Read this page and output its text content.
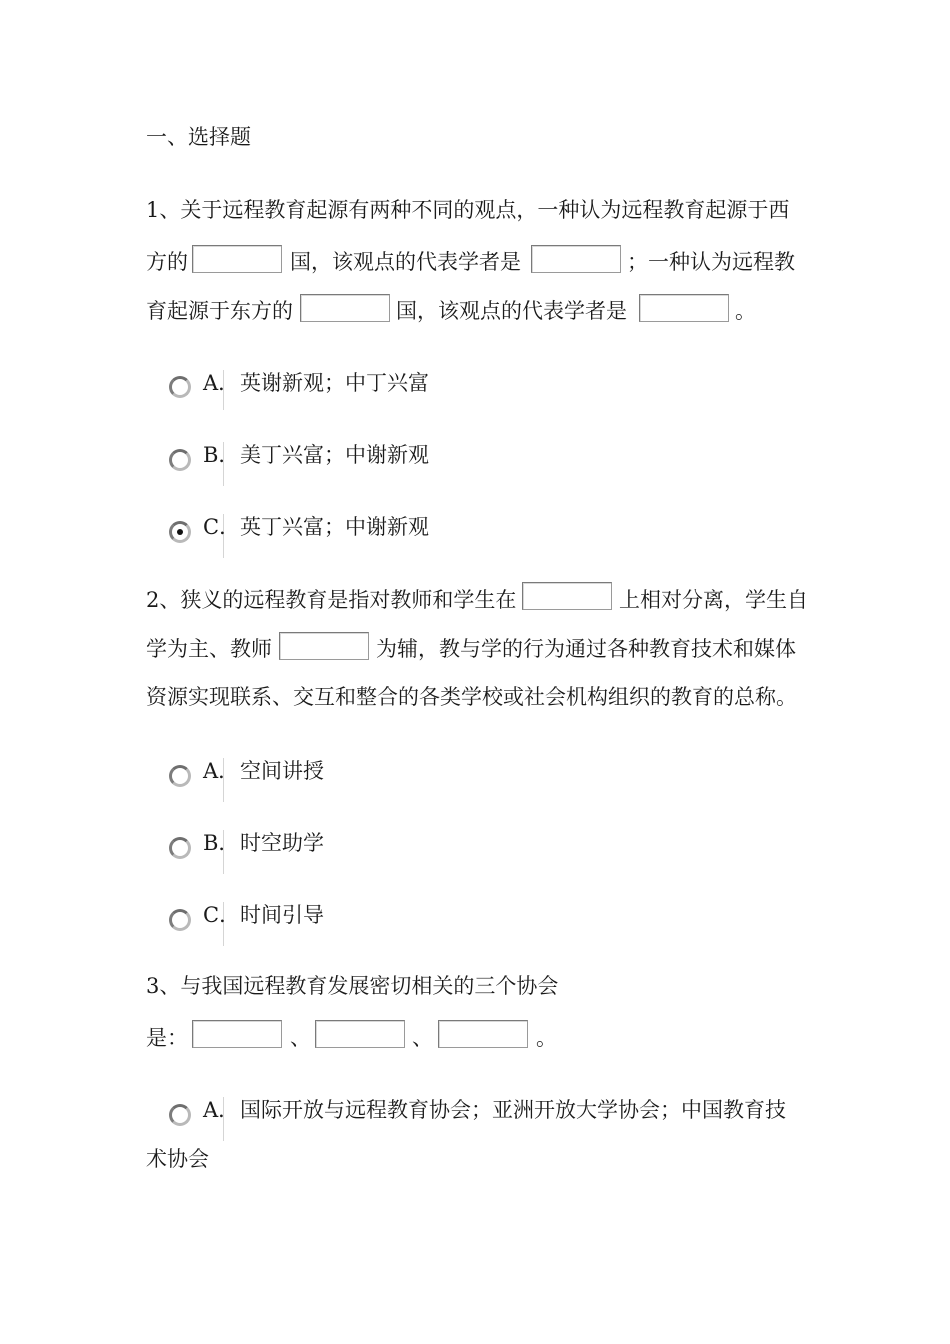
一、选择题
1、关于远程教育起源有两种不同的观点，一种认为远程教育起源于西
方的	国，该观点的代表学者是	；一种认为远程教
育起源于东方的	国，该观点的代表学者是	。
A． 英谢新观；中丁兴富
B． 美丁兴富；中谢新观
C． 英丁兴富；中谢新观
2、狭义的远程教育是指对教师和学生在	上相对分离，学生自
学为主、教师	为辅，教与学的行为通过各种教育技术和媒体
资源实现联系、交互和整合的各类学校或社会机构组织的教育的总称。
A． 空间讲授
B． 时空助学
C． 时间引导
3、与我国远程教育发展密切相关的三个协会
是：	、	、	。
A． 国际开放与远程教育协会；亚洲开放大学协会；中国教育技
术协会
